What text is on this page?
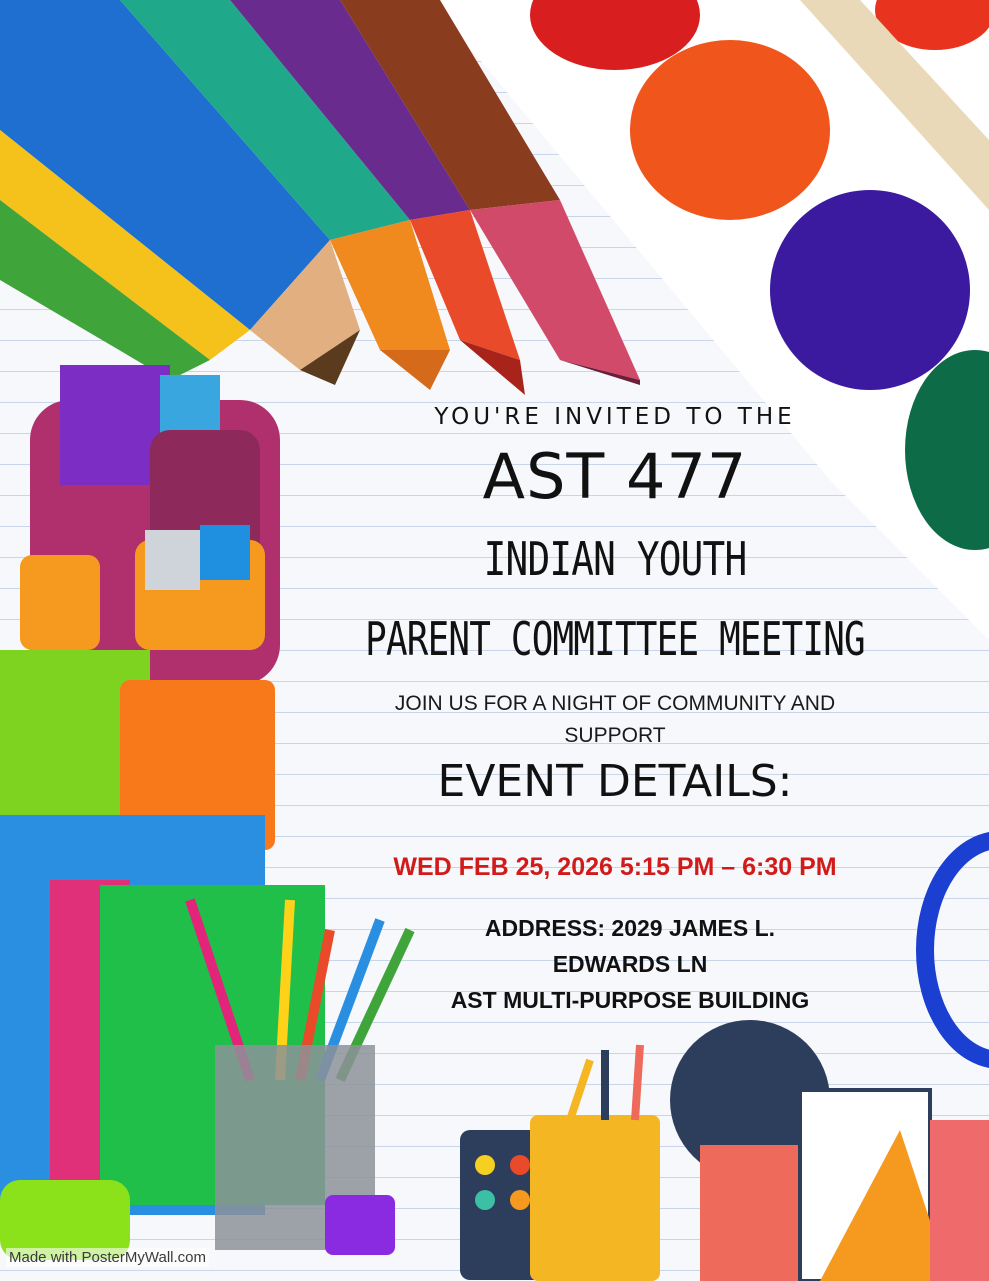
YOU'RE INVITED TO THE
AST 477
INDIAN YOUTH
PARENT COMMITTEE MEETING
JOIN US FOR A NIGHT OF COMMUNITY AND SUPPORT
EVENT DETAILS:
WED FEB 25, 2026 5:15 PM – 6:30 PM
ADDRESS: 2029 JAMES L.
EDWARDS LN
AST MULTI-PURPOSE BUILDING
Made with PosterMyWall.com
